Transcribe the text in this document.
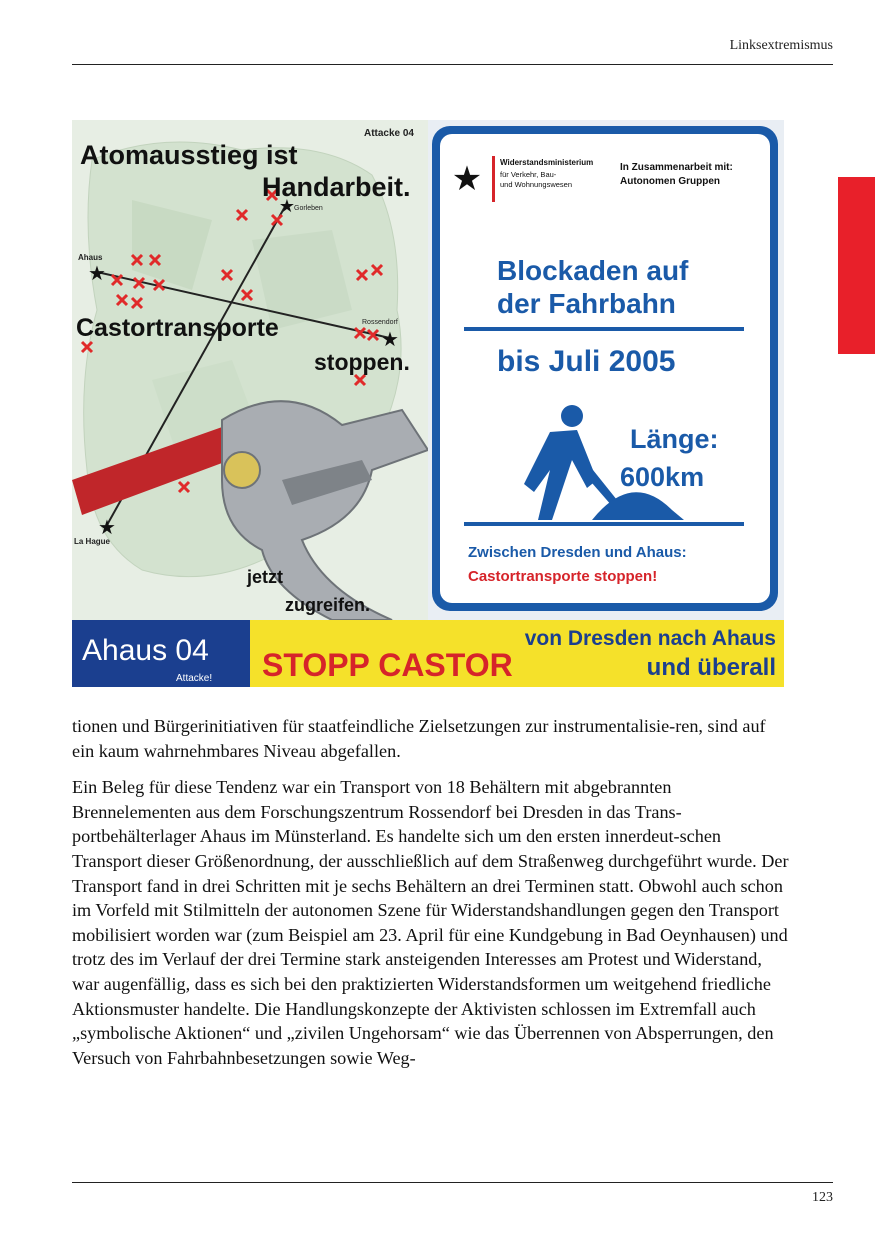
Linksextremismus
★
★
★
★
Attacke 04
Atomausstieg ist
Handarbeit.
Gorleben
Ahaus
Rossendorf
La Hague
Castortransporte
stoppen.
jetzt
zugreifen.
★ Widerstandsministerium
für Verkehr, Bau-
und Wohnungswesen
In Zusammenarbeit mit:
Autonomen Gruppen
Blockaden auf
der Fahrbahn
bis Juli 2005
Länge:
600km
Zwischen Dresden und Ahaus:
Castortransporte stoppen!
Ahaus 04
Attacke! STOPP CASTOR
von Dresden nach Ahaus
und überall

tionen und Bürgerinitiativen für staatfeindliche Zielsetzungen zur instrumentalisie-ren, sind auf ein kaum wahrnehmbares Niveau abgefallen.

Ein Beleg für diese Tendenz war ein Transport von 18 Behältern mit abgebrannten Brennelementen aus dem Forschungszentrum Rossendorf bei Dresden in das Trans-portbehälterlager Ahaus im Münsterland. Es handelte sich um den ersten innerdeut-schen Transport dieser Größenordnung, der ausschließlich auf dem Straßenweg durchgeführt wurde. Der Transport fand in drei Schritten mit je sechs Behältern an drei Terminen statt. Obwohl auch schon im Vorfeld mit Stilmitteln der autonomen Szene für Widerstandshandlungen gegen den Transport mobilisiert worden war (zum Beispiel am 23. April für eine Kundgebung in Bad Oeynhausen) und trotz des im Verlauf der drei Termine stark ansteigenden Interesses am Protest und Widerstand, war augenfällig, dass es sich bei den praktizierten Widerstandsformen um weitgehend friedliche Aktionsmuster handelte. Die Handlungskonzepte der Aktivisten schlossen im Extremfall auch „symbolische Aktionen“ und „zivilen Ungehorsam“ wie das Überrennen von Absperrungen, den Versuch von Fahrbahnbesetzungen sowie Weg-

123
